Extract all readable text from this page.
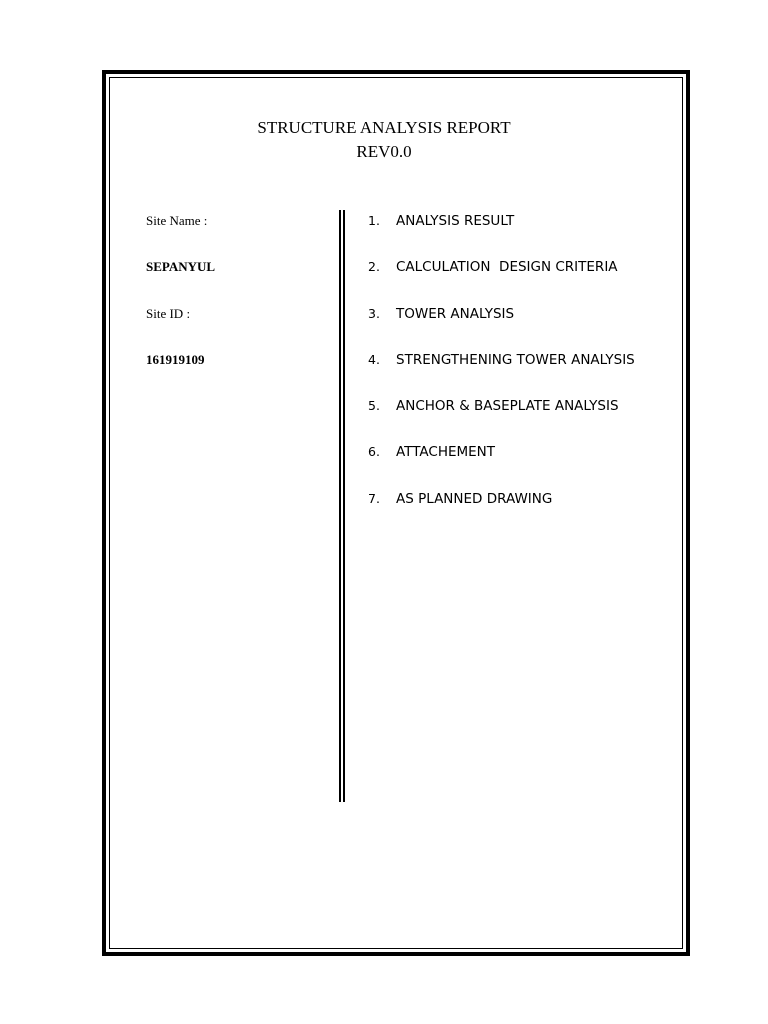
STRUCTURE ANALYSIS REPORT
REV0.0
Site Name :
SEPANYUL
Site ID :
161919109

1.

ANALYSIS RESULT

2.

CALCULATION  DESIGN CRITERIA

3.

TOWER ANALYSIS

4.

STRENGTHENING TOWER ANALYSIS

5.

ANCHOR & BASEPLATE ANALYSIS

6.

ATTACHEMENT

7.

AS PLANNED DRAWING
